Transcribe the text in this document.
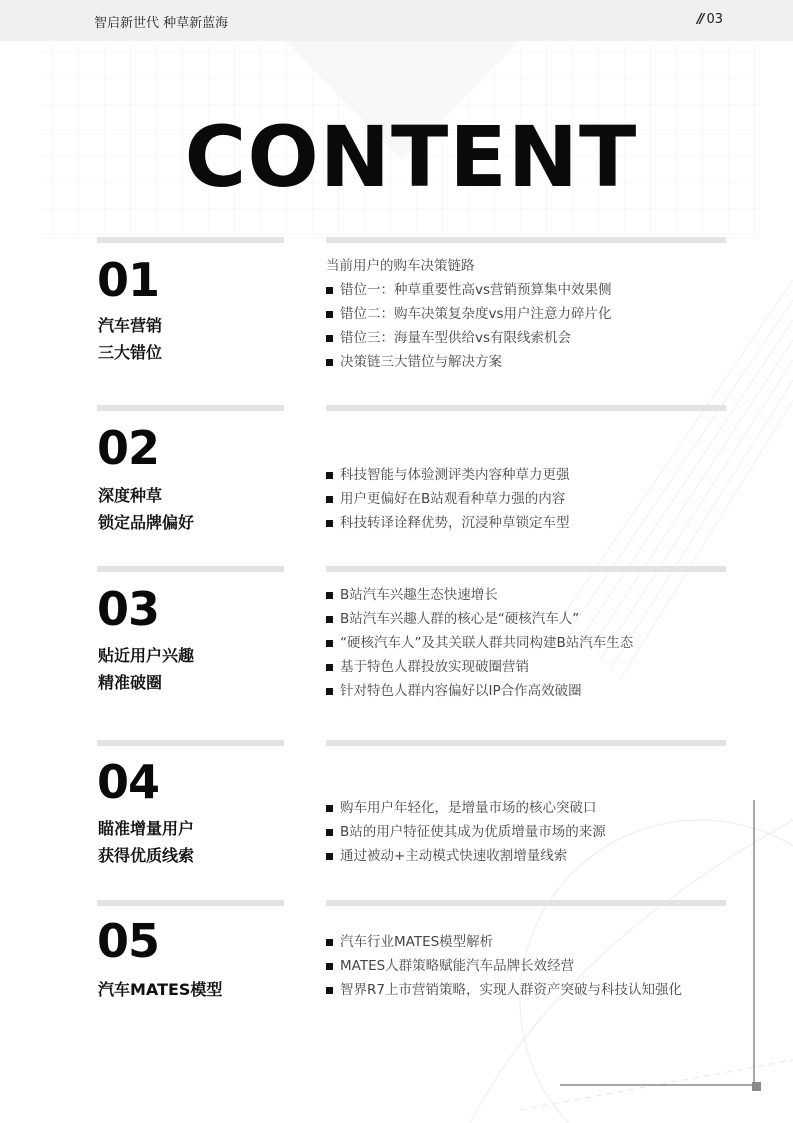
智启新世代 种草新蓝海	// 03
CONTENT
01
汽车营销
三大错位
当前用户的购车决策链路
错位一：种草重要性高vs营销预算集中效果侧
错位二：购车决策复杂度vs用户注意力碎片化
错位三：海量车型供给vs有限线索机会
决策链三大错位与解决方案
02
深度种草
锁定品牌偏好
科技智能与体验测评类内容种草力更强
用户更偏好在B站观看种草力强的内容
科技转译诠释优势，沉浸种草锁定车型
03
贴近用户兴趣
精准破圈
B站汽车兴趣生态快速增长
B站汽车兴趣人群的核心是“硬核汽车人”
“硬核汽车人”及其关联人群共同构建B站汽车生态
基于特色人群投放实现破圈营销
针对特色人群内容偏好以IP合作高效破圈
04
瞄准增量用户
获得优质线索
购车用户年轻化，是增量市场的核心突破口
B站的用户特征使其成为优质增量市场的来源
通过被动+主动模式快速收割增量线索
05
汽车MATES模型
汽车行业MATES模型解析
MATES人群策略赋能汽车品牌长效经营
智界R7上市营销策略，实现人群资产突破与科技认知强化
